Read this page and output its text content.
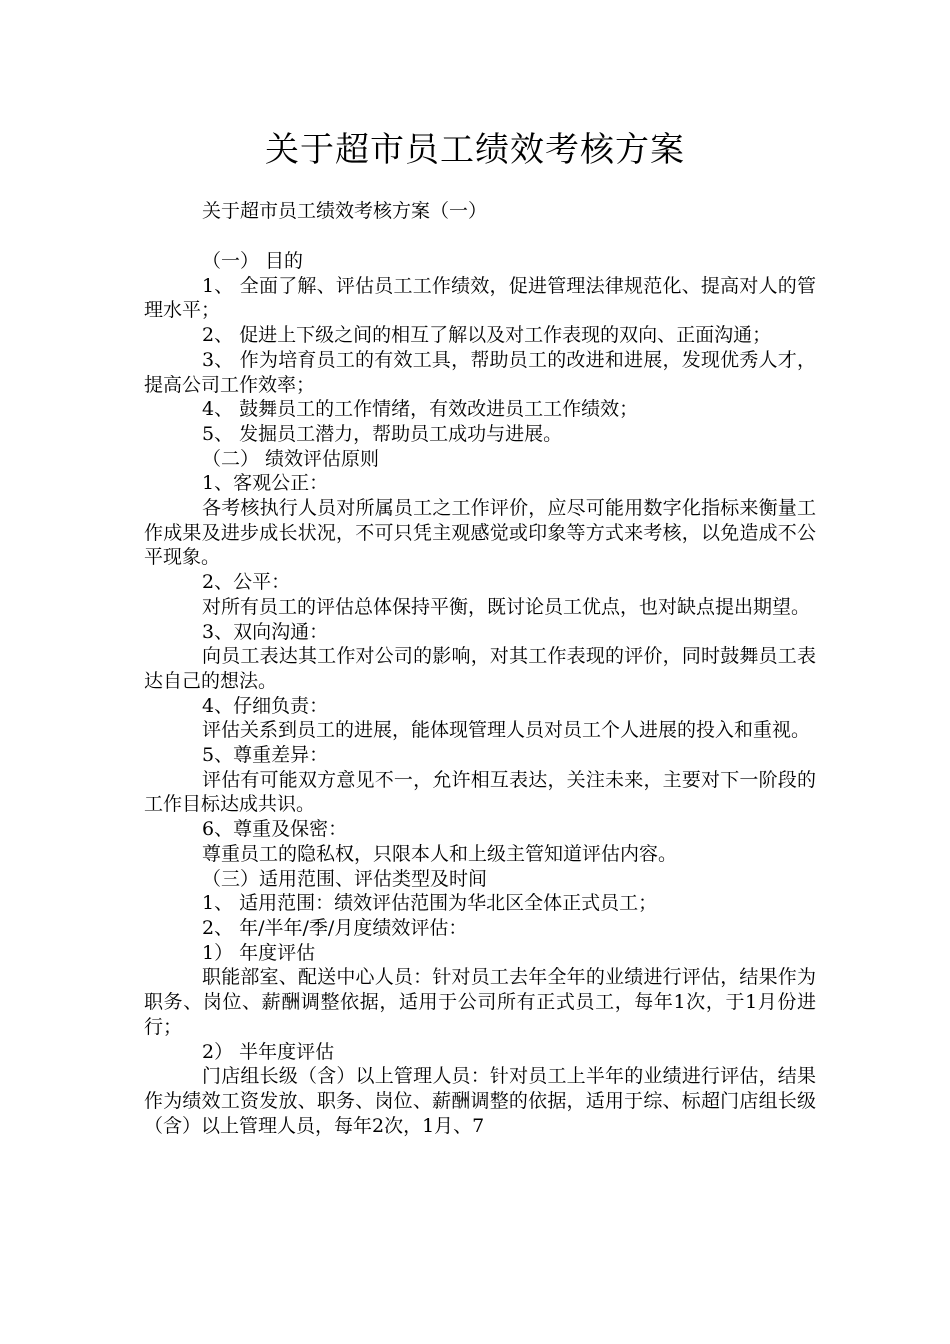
关于超市员工绩效考核方案
关于超市员工绩效考核方案（一）

（一） 目的

1、 全面了解、评估员工工作绩效，促进管理法律规范化、提高对人的管理水平；

2、 促进上下级之间的相互了解以及对工作表现的双向、正面沟通；

3、 作为培育员工的有效工具，帮助员工的改进和进展，发现优秀人才，提高公司工作效率；

4、 鼓舞员工的工作情绪，有效改进员工工作绩效；

5、 发掘员工潜力，帮助员工成功与进展。

（二） 绩效评估原则

1、客观公正：

各考核执行人员对所属员工之工作评价，应尽可能用数字化指标来衡量工作成果及进步成长状况，不可只凭主观感觉或印象等方式来考核，以免造成不公平现象。

2、公平：

对所有员工的评估总体保持平衡，既讨论员工优点，也对缺点提出期望。

3、双向沟通：

向员工表达其工作对公司的影响，对其工作表现的评价，同时鼓舞员工表达自己的想法。

4、仔细负责：

评估关系到员工的进展，能体现管理人员对员工个人进展的投入和重视。

5、尊重差异：

评估有可能双方意见不一，允许相互表达，关注未来，主要对下一阶段的工作目标达成共识。

6、尊重及保密：

尊重员工的隐私权，只限本人和上级主管知道评估内容。

（三）适用范围、评估类型及时间

1、 适用范围：绩效评估范围为华北区全体正式员工；

2、 年/半年/季/月度绩效评估：

1） 年度评估

职能部室、配送中心人员：针对员工去年全年的业绩进行评估，结果作为职务、岗位、薪酬调整依据，适用于公司所有正式员工，每年1次，于1月份进行；

2） 半年度评估

门店组长级（含）以上管理人员：针对员工上半年的业绩进行评估，结果作为绩效工资发放、职务、岗位、薪酬调整的依据，适用于综、标超门店组长级（含）以上管理人员，每年2次，1月、7
